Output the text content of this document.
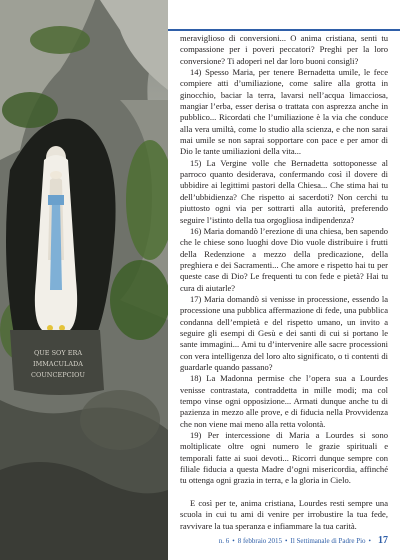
QUE SOY ERA
IMMACULADA
COUNCEPCIOU

meraviglioso di conversioni... O anima cristiana, senti tu compassione per i poveri peccatori? Preghi per la loro conversione? Ti adoperi nel dar loro buoni consigli?

14) Spesso Maria, per tenere Bernadetta umile, le fece compiere atti d’umiliazione, come salire alla grotta in ginocchio, baciar la terra, lavarsi nell’acqua limacciosa, mangiar l’erba, esser derisa o trattata con asprezza anche in pubblico... Ricordati che l’umiliazione è la via che conduce alla vera umiltà, come lo studio alla scienza, e che non sarai mai umile se non saprai sopportare con pace e per amor di Dio le tante umiliazioni della vita...

15) La Vergine volle che Bernadetta sottoponesse al parroco quanto desiderava, confermando così il dovere di ubbidire ai legittimi pastori della Chiesa... Che stima hai tu dell’ubbidienza? Che rispetto ai sacerdoti? Non cerchi tu piuttosto ogni via per sottrarti alla autorità, preferendo seguire l’istinto della tua orgogliosa indipendenza?

16) Maria domandò l’erezione di una chiesa, ben sapendo che le chiese sono luoghi dove Dio vuole distribuire i frutti della Redenzione a mezzo della predicazione, della preghiera e dei Sacramenti... Che amore e rispetto hai tu per queste case di Dio? Le frequenti tu con fede e pietà? Hai tu cura di aiutarle?

17) Maria domandò si venisse in processione, essendo la processione una pubblica affermazione di fede, una pubblica condanna dell’empietà e del rispetto umano, un invito a seguire gli esempi di Gesù e dei santi di cui si portano le sante immagini... Ami tu d’intervenire alle sacre processioni con vera intelligenza del loro alto significato, o ti contenti di guardarle quando passano?

18) La Madonna permise che l’opera sua a Lourdes venisse contrastata, contraddetta in mille modi; ma col tempo vinse ogni opposizione... Armati dunque anche tu di pazienza in mezzo alle prove, e di fiducia nella Provvidenza che non viene mai meno alla retta volontà.

19) Per intercessione di Maria a Lourdes si sono moltiplicate oltre ogni numero le grazie spirituali e temporali fatte ai suoi devoti... Ricorri dunque sempre con filiale fiducia a questa Madre d’ogni misericordia, affinché tu ottenga ogni grazia in terra, e la gloria in Cielo.

E così per te, anima cristiana, Lourdes resti sempre una scuola in cui tu ami di venire per irrobustire la tua fede, ravvivare la tua speranza e infiammare la tua carità.

n. 6 • 8 febbraio 2015 • Il Settimanale di Padre Pio • 17
